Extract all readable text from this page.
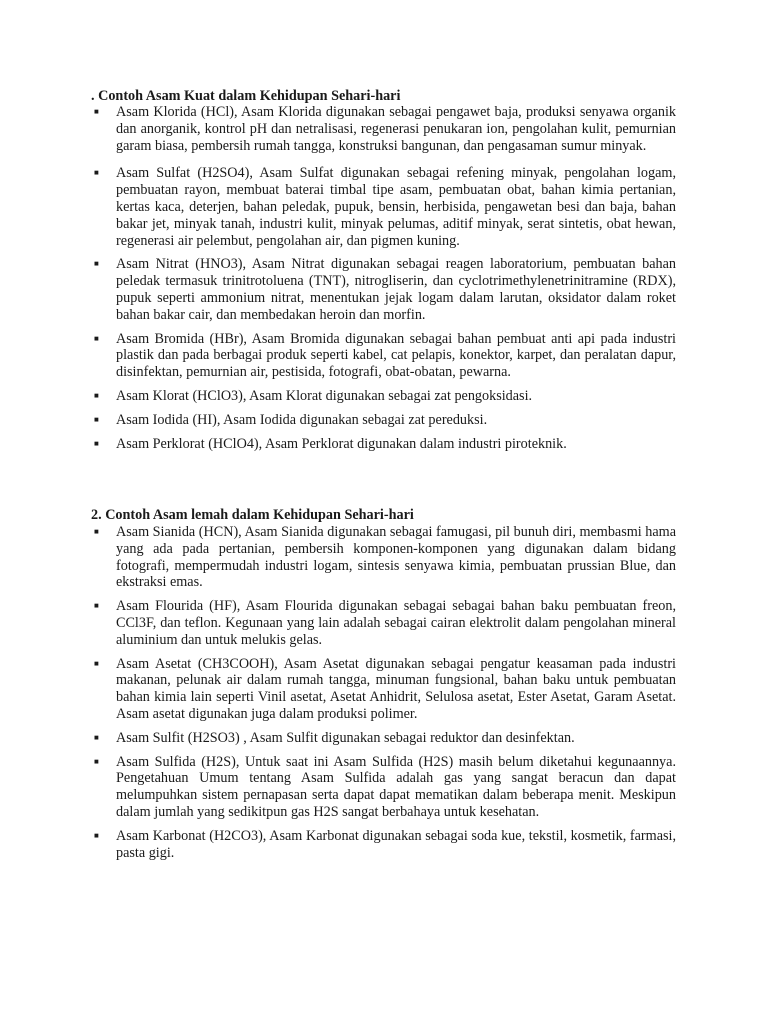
. Contoh Asam Kuat dalam Kehidupan Sehari-hari
■ Asam Klorida (HCl), Asam Klorida digunakan sebagai pengawet baja, produksi senyawa organik dan anorganik, kontrol pH dan netralisasi, regenerasi penukaran ion, pengolahan kulit, pemurnian garam biasa, pembersih rumah tangga, konstruksi bangunan, dan pengasaman sumur minyak.
■ Asam Sulfat (H2SO4), Asam Sulfat digunakan sebagai refening minyak, pengolahan logam, pembuatan rayon, membuat baterai timbal tipe asam, pembuatan obat, bahan kimia pertanian, kertas kaca, deterjen, bahan peledak, pupuk, bensin, herbisida, pengawetan besi dan baja, bahan bakar jet, minyak tanah, industri kulit, minyak pelumas, aditif minyak, serat sintetis, obat hewan, regenerasi air pelembut, pengolahan air, dan pigmen kuning.
■ Asam Nitrat (HNO3), Asam Nitrat digunakan sebagai reagen laboratorium, pembuatan bahan peledak termasuk trinitrotoluena (TNT), nitrogliserin, dan cyclotrimethylenetrinitramine (RDX), pupuk seperti ammonium nitrat, menentukan jejak logam dalam larutan, oksidator dalam roket bahan bakar cair, dan membedakan heroin dan morfin.
■ Asam Bromida (HBr), Asam Bromida digunakan sebagai bahan pembuat anti api pada industri plastik dan pada berbagai produk seperti kabel, cat pelapis, konektor, karpet, dan peralatan dapur, disinfektan, pemurnian air, pestisida, fotografi, obat-obatan, pewarna.
■ Asam Klorat (HClO3), Asam Klorat digunakan sebagai zat pengoksidasi.
■ Asam Iodida (HI), Asam Iodida digunakan sebagai zat pereduksi.
■ Asam Perklorat (HClO4), Asam Perklorat digunakan dalam industri piroteknik.
2. Contoh Asam lemah dalam Kehidupan Sehari-hari
■ Asam Sianida (HCN), Asam Sianida digunakan sebagai famugasi, pil bunuh diri, membasmi hama yang ada pada pertanian, pembersih komponen-komponen yang digunakan dalam bidang fotografi, mempermudah industri logam, sintesis senyawa kimia, pembuatan prussian Blue, dan ekstraksi emas.
■ Asam Flourida (HF), Asam Flourida digunakan sebagai sebagai bahan baku pembuatan freon, CCl3F, dan teflon. Kegunaan yang lain adalah sebagai cairan elektrolit dalam pengolahan mineral aluminium dan untuk melukis gelas.
■ Asam Asetat (CH3COOH), Asam Asetat digunakan sebagai pengatur keasaman pada industri makanan, pelunak air dalam rumah tangga, minuman fungsional, bahan baku untuk pembuatan bahan kimia lain seperti Vinil asetat, Asetat Anhidrit, Selulosa asetat, Ester Asetat, Garam Asetat. Asam asetat digunakan juga dalam produksi polimer.
■ Asam Sulfit (H2SO3) , Asam Sulfit digunakan sebagai reduktor dan desinfektan.
■ Asam Sulfida (H2S), Untuk saat ini Asam Sulfida (H2S) masih belum diketahui kegunaannya. Pengetahuan Umum tentang Asam Sulfida adalah gas yang sangat beracun dan dapat melumpuhkan sistem pernapasan serta dapat dapat mematikan dalam beberapa menit. Meskipun dalam jumlah yang sedikitpun gas H2S sangat berbahaya untuk kesehatan.
■ Asam Karbonat (H2CO3), Asam Karbonat digunakan sebagai soda kue, tekstil, kosmetik, farmasi, pasta gigi.
